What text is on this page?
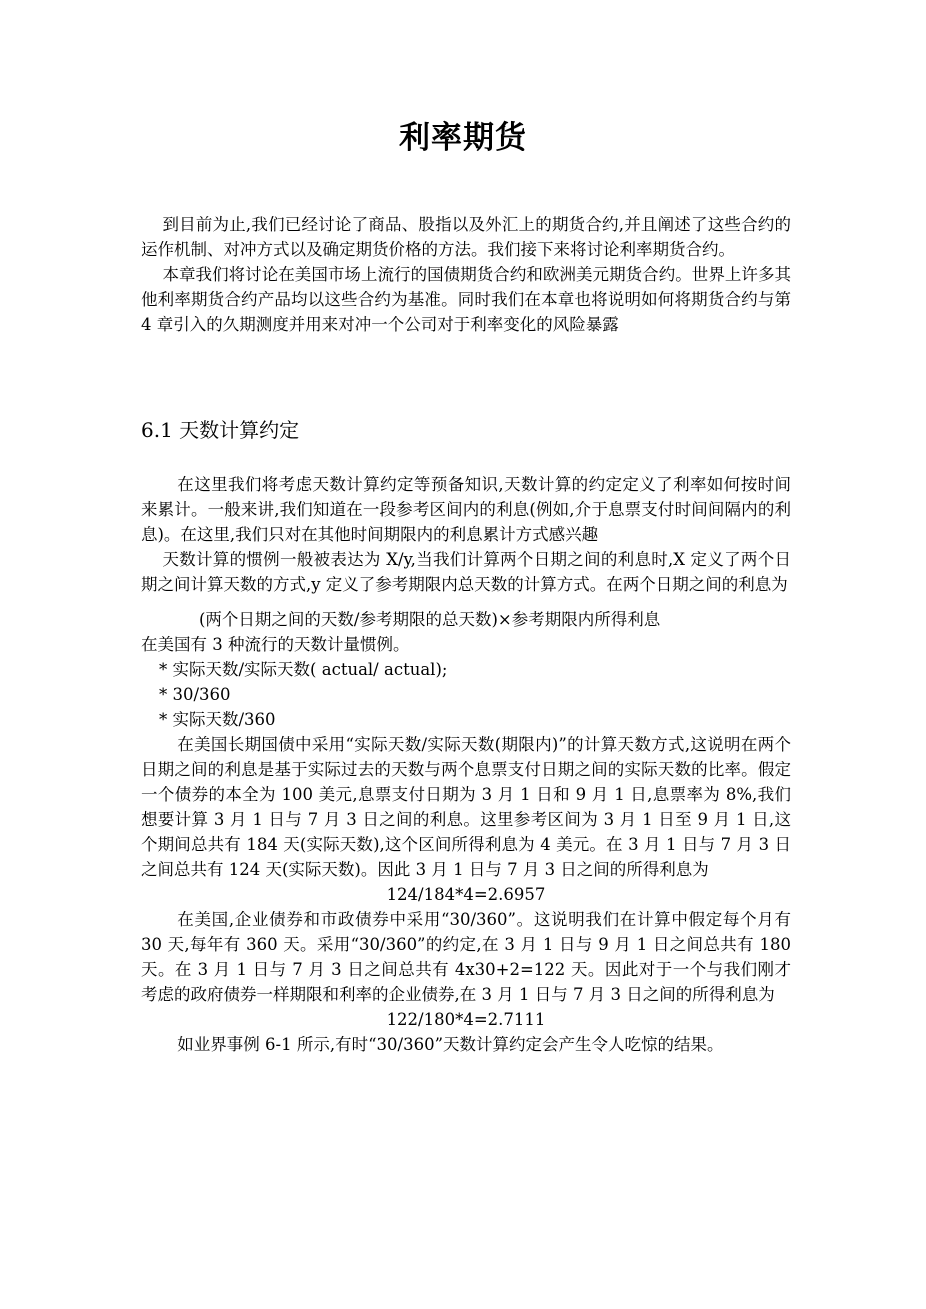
利率期货

到目前为止,我们已经讨论了商品、股指以及外汇上的期货合约,并且阐述了这些合约的运作机制、对冲方式以及确定期货价格的方法。我们接下来将讨论利率期货合约。

本章我们将讨论在美国市场上流行的国债期货合约和欧洲美元期货合约。世界上许多其他利率期货合约产品均以这些合约为基准。同时我们在本章也将说明如何将期货合约与第 4 章引入的久期测度并用来对冲一个公司对于利率变化的风险暴露

6.1 天数计算约定

在这里我们将考虑天数计算约定等预备知识,天数计算的约定定义了利率如何按时间来累计。一般来讲,我们知道在一段参考区间内的利息(例如,介于息票支付时间间隔内的利息)。在这里,我们只对在其他时间期限内的利息累计方式感兴趣

天数计算的惯例一般被表达为 X/y,当我们计算两个日期之间的利息时,X 定义了两个日期之间计算天数的方式,y 定义了参考期限内总天数的计算方式。在两个日期之间的利息为

(两个日期之间的天数/参考期限的总天数)×参考期限内所得利息

在美国有 3 种流行的天数计量惯例。

* 实际天数/实际天数( actual/ actual);

* 30/360

* 实际天数/360

在美国长期国债中采用“实际天数/实际天数(期限内)”的计算天数方式,这说明在两个日期之间的利息是基于实际过去的天数与两个息票支付日期之间的实际天数的比率。假定一个债券的本全为 100 美元,息票支付日期为 3 月 1 日和 9 月 1 日,息票率为 8%,我们想要计算 3 月 1 日与 7 月 3 日之间的利息。这里参考区间为 3 月 1 日至 9 月 1 日,这个期间总共有 184 天(实际天数),这个区间所得利息为 4 美元。在 3 月 1 日与 7 月 3 日之间总共有 124 天(实际天数)。因此 3 月 1 日与 7 月 3 日之间的所得利息为

124/184*4=2.6957

在美国,企业债券和市政债券中采用“30/360”。这说明我们在计算中假定每个月有 30 天,每年有 360 天。采用“30/360”的约定,在 3 月 1 日与 9 月 1 日之间总共有 180 天。在 3 月 1 日与 7 月 3 日之间总共有 4x30+2=122 天。因此对于一个与我们刚才考虑的政府债券一样期限和利率的企业债券,在 3 月 1 日与 7 月 3 日之间的所得利息为

122/180*4=2.7111

如业界事例 6-1 所示,有时“30/360”天数计算约定会产生令人吃惊的结果。
